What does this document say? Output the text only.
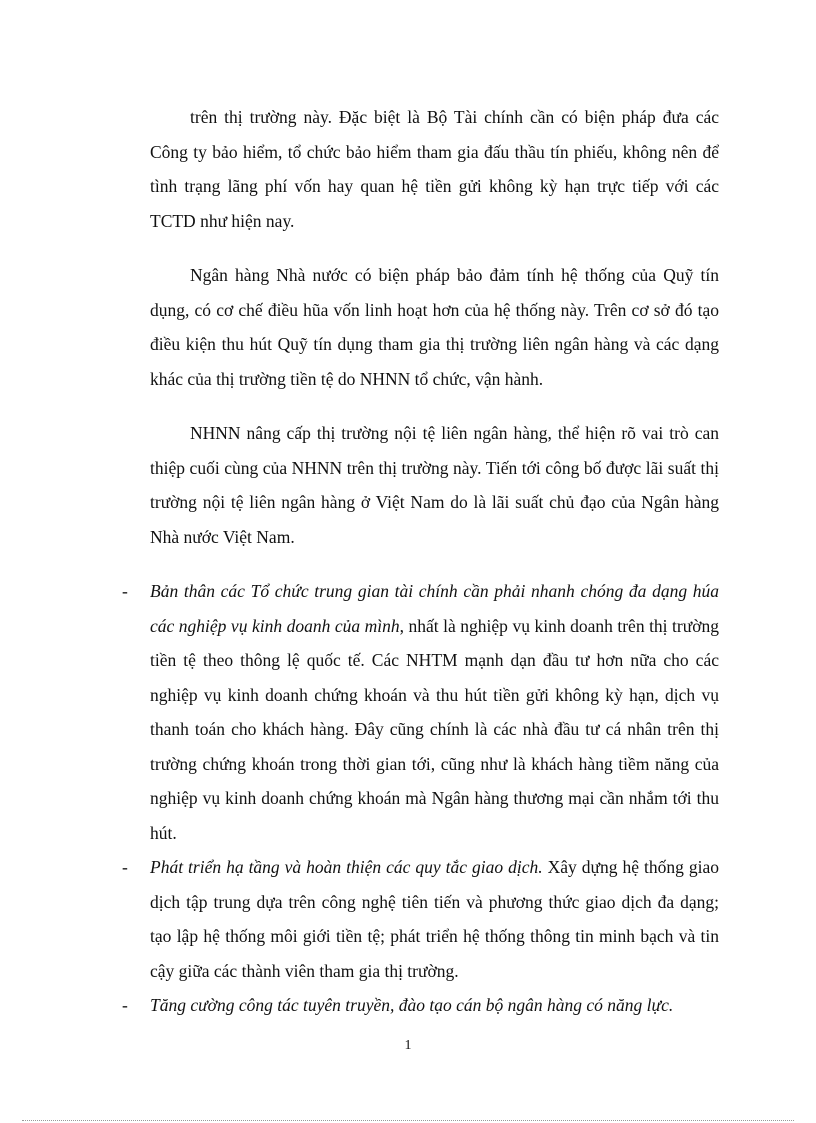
trên thị trường này. Đặc biệt là Bộ Tài chính cần có biện pháp đưa các Công ty bảo hiểm, tổ chức bảo hiểm tham gia đấu thầu tín phiếu, không nên để tình trạng lãng phí vốn hay quan hệ tiền gửi không kỳ hạn trực tiếp với các TCTD như hiện nay.

Ngân hàng Nhà nước có biện pháp bảo đảm tính hệ thống của Quỹ tín dụng, có cơ chế điều hũa vốn linh hoạt hơn của hệ thống này. Trên cơ sở đó tạo điều kiện thu hút Quỹ tín dụng tham gia thị trường liên ngân hàng và các dạng khác của thị trường tiền tệ do NHNN tổ chức, vận hành.

NHNN nâng cấp thị trường nội tệ liên ngân hàng, thể hiện rõ vai trò can thiệp cuối cùng của NHNN trên thị trường này. Tiến tới công bố được lãi suất thị trường nội tệ liên ngân hàng ở Việt Nam do là lãi suất chủ đạo của Ngân hàng Nhà nước Việt Nam.

- Bản thân các Tổ chức trung gian tài chính cần phải nhanh chóng đa dạng húa các nghiệp vụ kinh doanh của mình, nhất là nghiệp vụ kinh doanh trên thị trường tiền tệ theo thông lệ quốc tế. Các NHTM mạnh dạn đầu tư hơn nữa cho các nghiệp vụ kinh doanh chứng khoán và thu hút tiền gửi không kỳ hạn, dịch vụ thanh toán cho khách hàng. Đây cũng chính là các nhà đầu tư cá nhân trên thị trường chứng khoán trong thời gian tới, cũng như là khách hàng tiềm năng của nghiệp vụ kinh doanh chứng khoán mà Ngân hàng thương mại cần nhắm tới thu hút.

- Phát triển hạ tầng và hoàn thiện các quy tắc giao dịch. Xây dựng hệ thống giao dịch tập trung dựa trên công nghệ tiên tiến và phương thức giao dịch đa dạng; tạo lập hệ thống môi giới tiền tệ; phát triển hệ thống thông tin minh bạch và tin cậy giữa các thành viên tham gia thị trường.

- Tăng cường công tác tuyên truyền, đào tạo cán bộ ngân hàng có năng lực.

1
